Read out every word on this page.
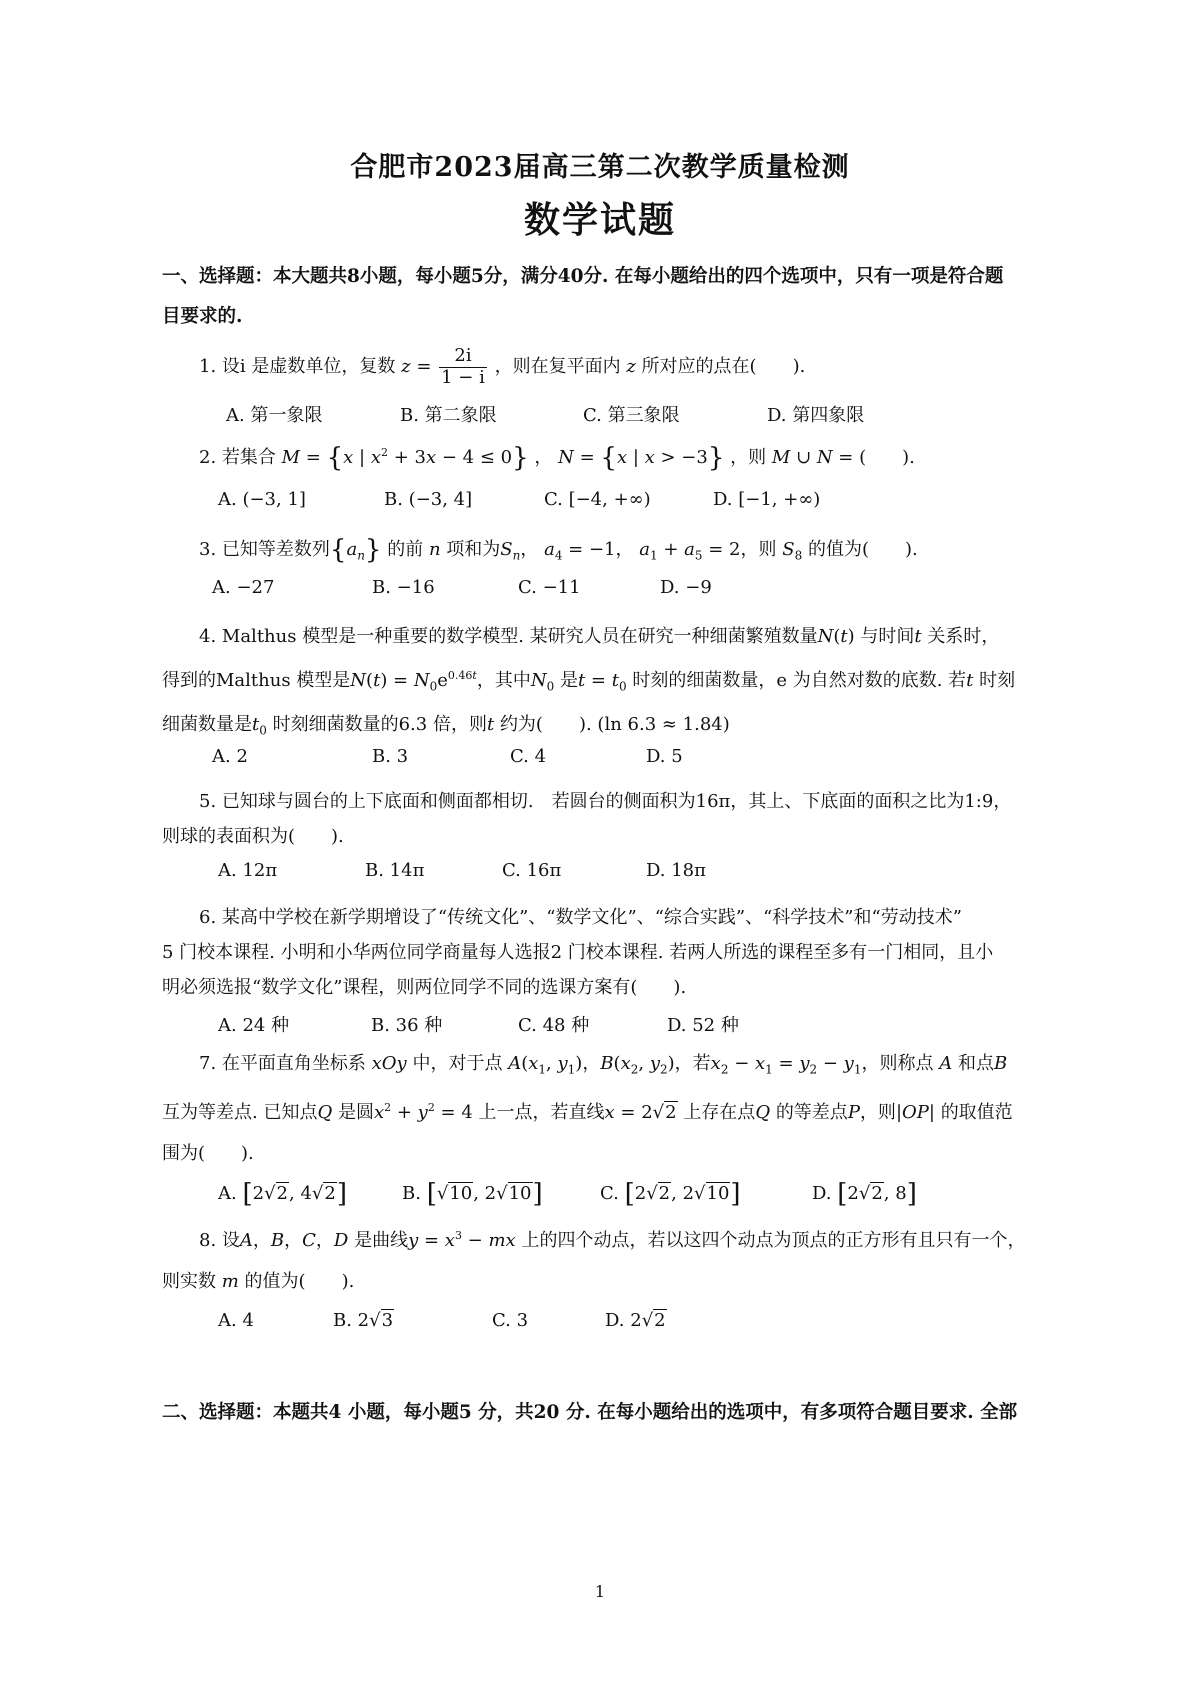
合肥市2023届高三第二次教学质量检测
数学试题
一、选择题：本大题共8小题，每小题5分，满分40分. 在每小题给出的四个选项中，只有一项是符合题
目要求的.
1. 设i 是虚数单位，复数 $z = \frac{2i}{1 - i}$ ，则在复平面内 z 所对应的点在(　　).
A. 第一象限	B. 第二象限	C. 第三象限	D. 第四象限
2. 若集合 M = {x | $x^2 + 3x - 4 \le 0$} ， N = {x | x > −3} ，则 M ∪ N = (　　).
A. (−3, 1]	B. (−3, 4]	C. [−4, +∞)	D. [−1, +∞)
3. 已知等差数列$\{a_n\}$ 的前 n 项和为$S_n$， $a_4 = -1$， $a_1 + a_5 = 2$，则 $S_8$ 的值为(　　).
A. −27	B. −16	C. −11	D. −9
4. Malthus 模型是一种重要的数学模型. 某研究人员在研究一种细菌繁殖数量N(t) 与时间t 关系时，
得到的Malthus 模型是$N(t) = N_0e^{0.46t}$，其中$N_0$ 是$t = t_0$ 时刻的细菌数量，e 为自然对数的底数. 若t 时刻
细菌数量是$t_0$ 时刻细菌数量的6.3 倍，则t 约为(　　). (ln 6.3 ≈ 1.84)
A. 2	B. 3	C. 4	D. 5
5. 已知球与圆台的上下底面和侧面都相切.　若圆台的侧面积为16π，其上、下底面的面积之比为1:9，
则球的表面积为(　　).
A. 12π	B. 14π	C. 16π	D. 18π
6. 某高中学校在新学期增设了“传统文化”、“数学文化”、“综合实践”、“科学技术”和“劳动技术”
5 门校本课程. 小明和小华两位同学商量每人选报2 门校本课程. 若两人所选的课程至多有一门相同，且小
明必须选报“数学文化”课程，则两位同学不同的选课方案有(　　).
A. 24 种	B. 36 种	C. 48 种	D. 52 种
7. 在平面直角坐标系 xOy 中，对于点 $A(x_1$, $y_1$)，$B(x_2$, $y_2$)，若$x_2 - x_1 = y_2 - y_1$，则称点 A 和点B
互为等差点. 已知点Q 是圆$x^2 + y^2 = 4$ 上一点，若直线x = 2√2 上存在点Q 的等差点P，则|OP| 的取值范
围为(　　).
A. [2√2, 4√2]	B. [√10, 2√10]	C. [2√2, 2√10]	D. [2√2, 8]
8. 设A，B，C，D 是曲线$y = x^3$ − mx 上的四个动点，若以这四个动点为顶点的正方形有且只有一个，
则实数 m 的值为(　　).
A. 4	B. 2√3	C. 3	D. 2√2
二、选择题：本题共4 小题，每小题5 分，共20 分. 在每小题给出的选项中，有多项符合题目要求. 全部
1
